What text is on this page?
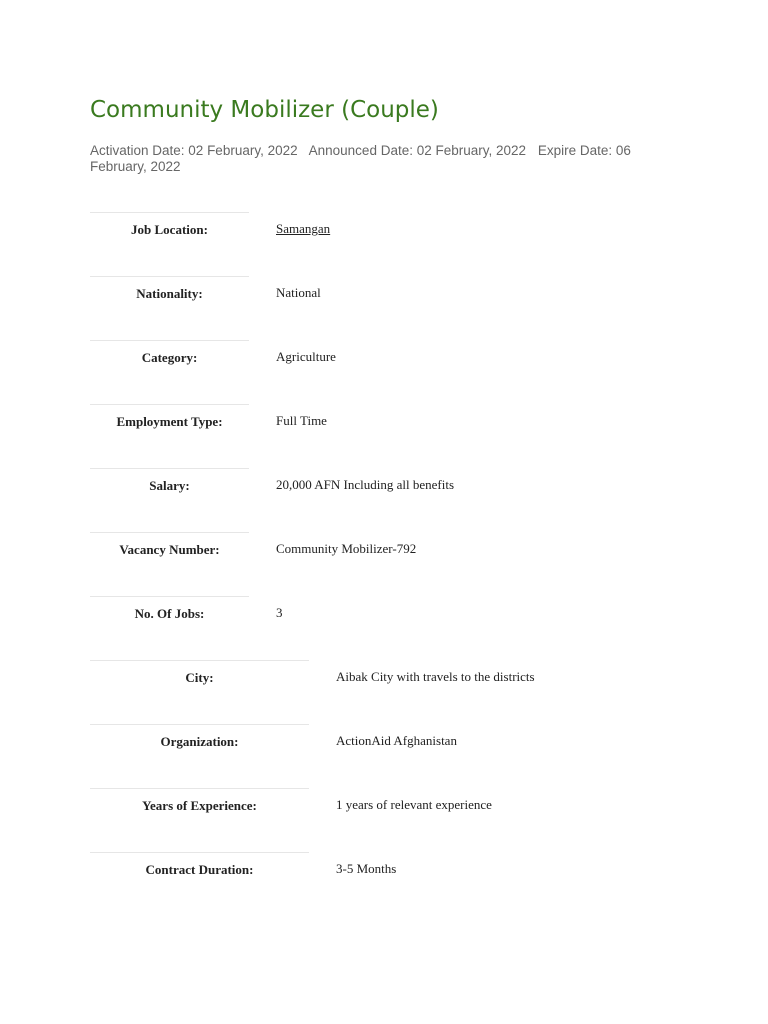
Community Mobilizer (Couple)
Activation Date: 02 February, 2022 Announced Date: 02 February, 2022 Expire Date: 06 February, 2022
Job Location:	Samangan
Nationality:	National
Category:	Agriculture
Employment Type:	Full Time
Salary:	20,000 AFN Including all benefits
Vacancy Number:	Community Mobilizer-792
No. Of Jobs:	3
City:	Aibak City with travels to the districts
Organization:	ActionAid Afghanistan
Years of Experience:	1 years of relevant experience
Contract Duration:	3-5 Months
